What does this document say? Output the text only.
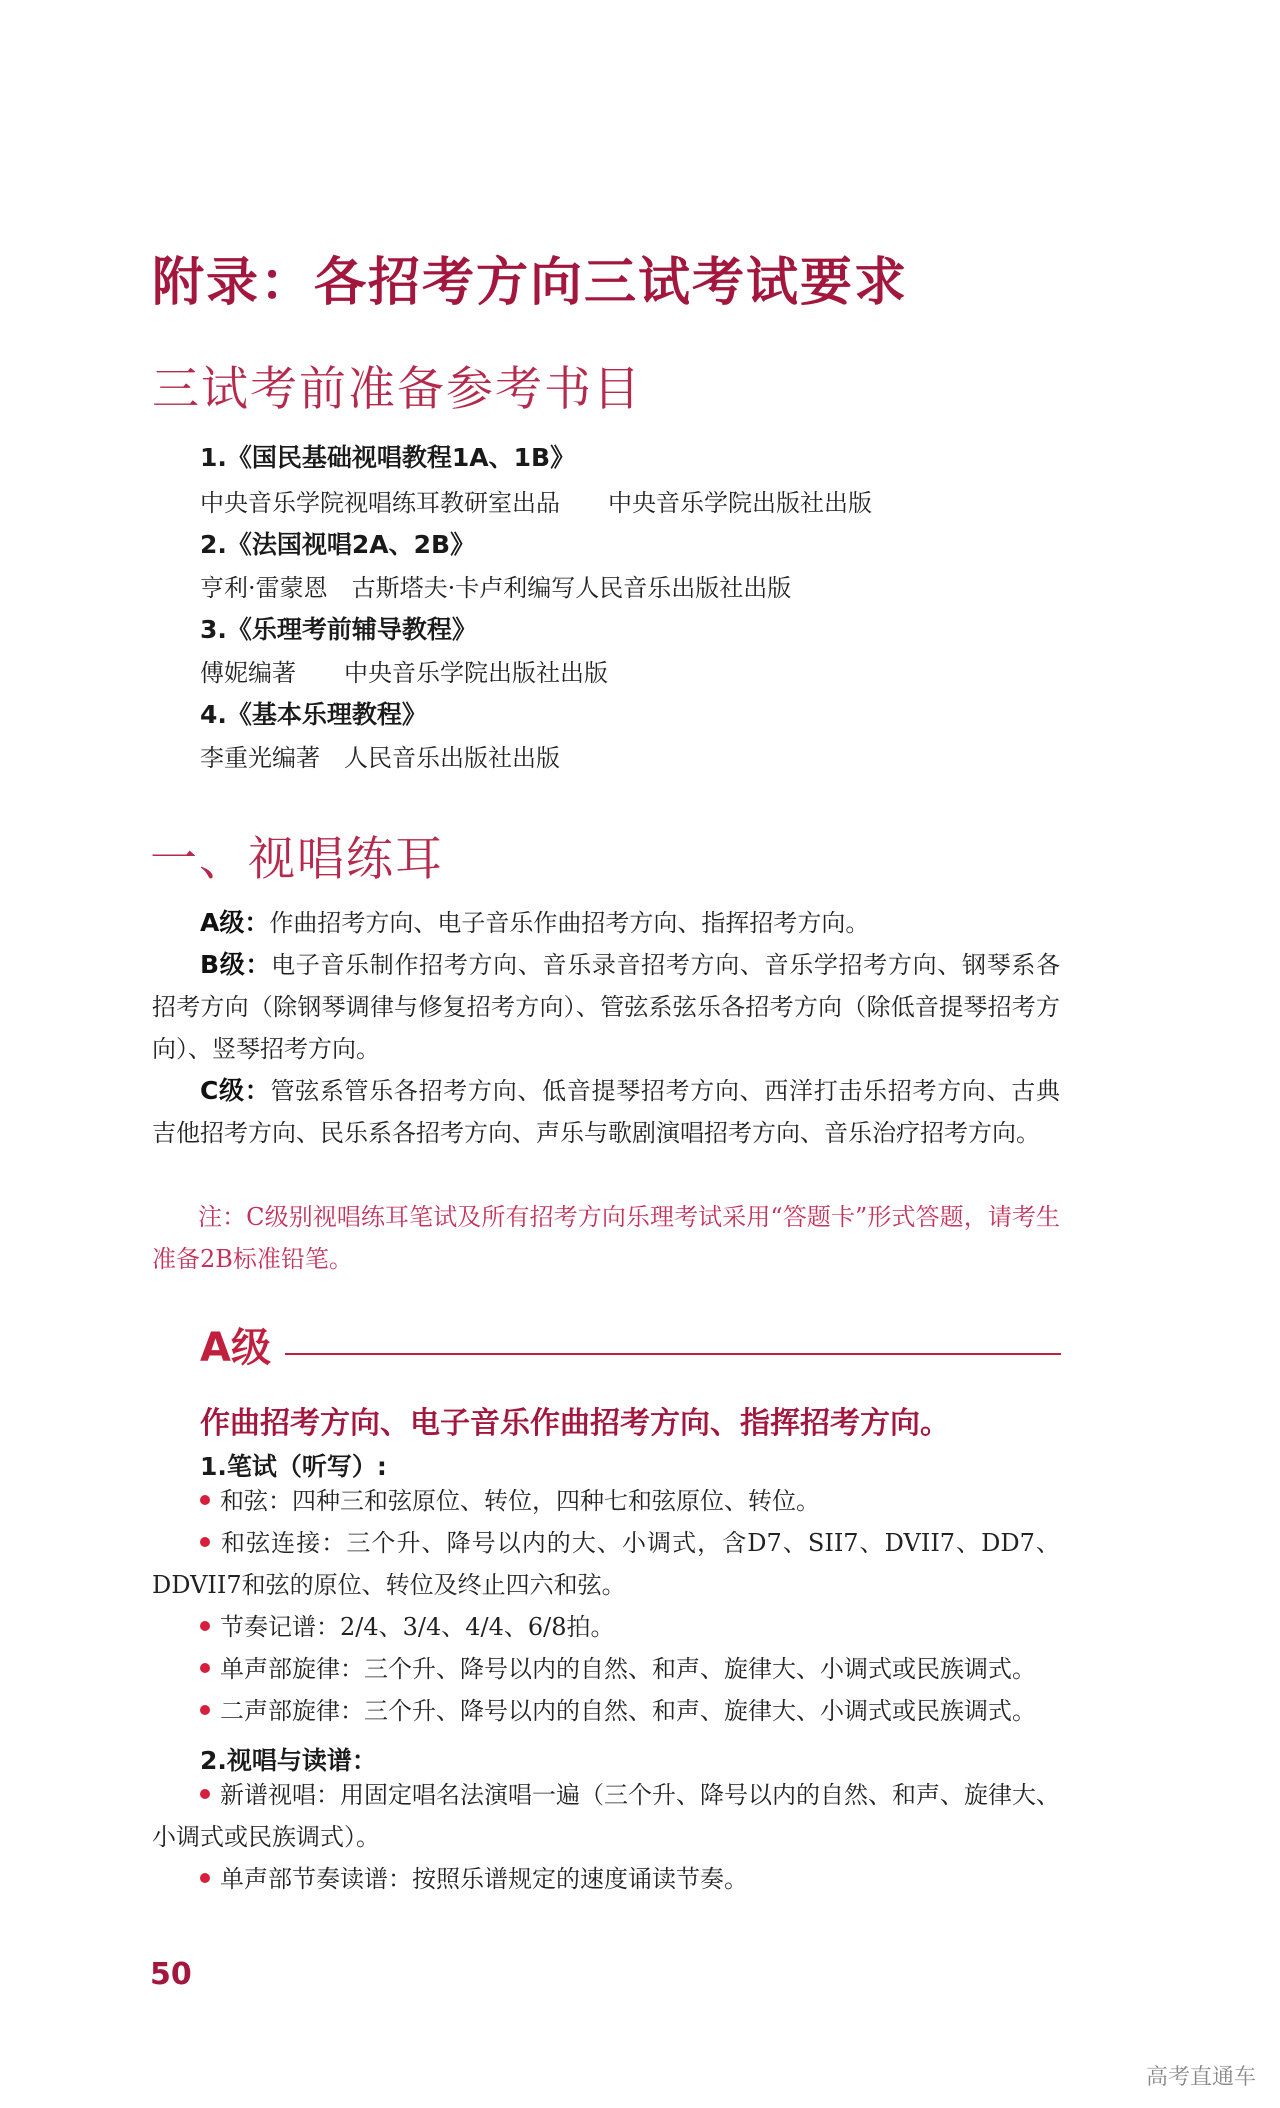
附录：各招考方向三试考试要求
三试考前准备参考书目
1.《国民基础视唱教程1A、1B》
中央音乐学院视唱练耳教研室出品　　中央音乐学院出版社出版
2.《法国视唱2A、2B》
亨利·雷蒙恩　古斯塔夫·卡卢利编写人民音乐出版社出版
3.《乐理考前辅导教程》
傅妮编著　　中央音乐学院出版社出版
4.《基本乐理教程》
李重光编著　人民音乐出版社出版
一、视唱练耳
A级：作曲招考方向、电子音乐作曲招考方向、指挥招考方向。
B级：电子音乐制作招考方向、音乐录音招考方向、音乐学招考方向、钢琴系各招考方向（除钢琴调律与修复招考方向）、管弦系弦乐各招考方向（除低音提琴招考方向）、竖琴招考方向。
C级：管弦系管乐各招考方向、低音提琴招考方向、西洋打击乐招考方向、古典吉他招考方向、民乐系各招考方向、声乐与歌剧演唱招考方向、音乐治疗招考方向。
注：C级别视唱练耳笔试及所有招考方向乐理考试采用“答题卡”形式答题，请考生准备2B标准铅笔。
A级
作曲招考方向、电子音乐作曲招考方向、指挥招考方向。
1.笔试（听写）:
和弦：四种三和弦原位、转位，四种七和弦原位、转位。
和弦连接：三个升、降号以内的大、小调式，含D7、SII7、DVII7、DD7、DDVII7和弦的原位、转位及终止四六和弦。
节奏记谱：2/4、3/4、4/4、6/8拍。
单声部旋律：三个升、降号以内的自然、和声、旋律大、小调式或民族调式。
二声部旋律：三个升、降号以内的自然、和声、旋律大、小调式或民族调式。
2.视唱与读谱：
新谱视唱：用固定唱名法演唱一遍（三个升、降号以内的自然、和声、旋律大、小调式或民族调式）。
单声部节奏读谱：按照乐谱规定的速度诵读节奏。
50
高考直通车
